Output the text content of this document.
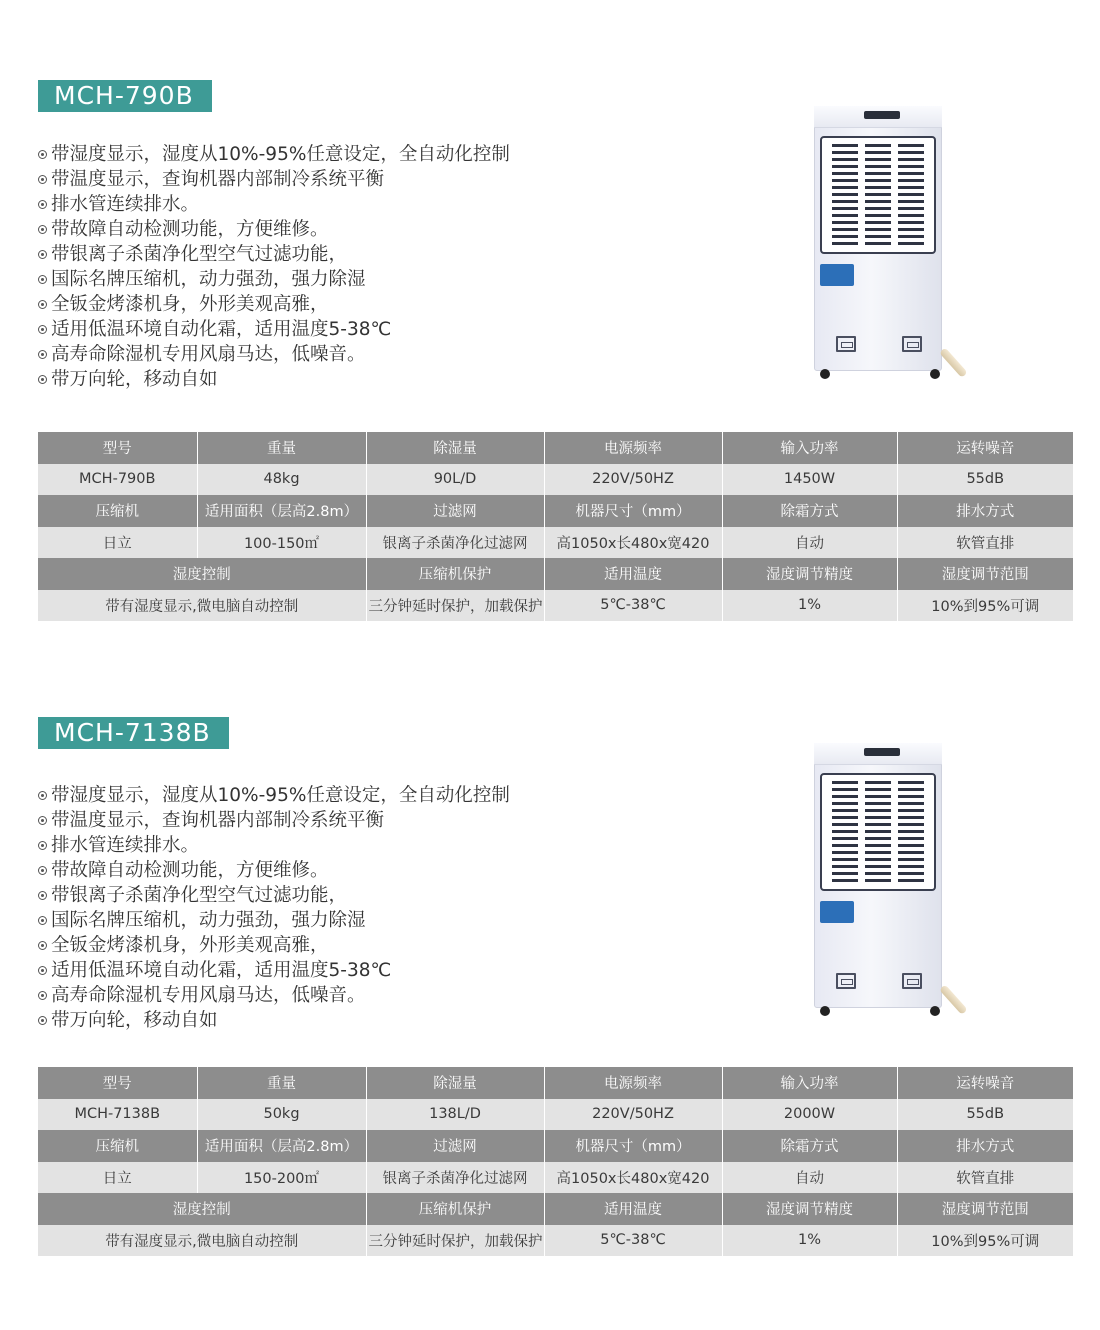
MCH-790B
带湿度显示，湿度从10%-95%任意设定，全自动化控制
带温度显示，查询机器内部制冷系统平衡
排水管连续排水。
带故障自动检测功能，方便维修。
带银离子杀菌净化型空气过滤功能，
国际名牌压缩机，动力强劲，强力除湿
全钣金烤漆机身，外形美观高雅，
适用低温环境自动化霜，适用温度5-38℃
高寿命除湿机专用风扇马达，低噪音。
带万向轮，移动自如
型号	重量	除湿量	电源频率	输入功率	运转噪音
MCH-790B	48kg	90L/D	220V/50HZ	1450W	55dB
压缩机	适用面积（层高2.8m）	过滤网	机器尺寸（mm）	除霜方式	排水方式
日立	100-150㎡	银离子杀菌净化过滤网	高1050x长480x宽420	自动	软管直排
湿度控制		压缩机保护	适用温度	湿度调节精度	湿度调节范围
带有湿度显示,微电脑自动控制		三分钟延时保护，加载保护	5℃-38℃	1%	10%到95%可调
MCH-7138B
带湿度显示，湿度从10%-95%任意设定，全自动化控制
带温度显示，查询机器内部制冷系统平衡
排水管连续排水。
带故障自动检测功能，方便维修。
带银离子杀菌净化型空气过滤功能，
国际名牌压缩机，动力强劲，强力除湿
全钣金烤漆机身，外形美观高雅，
适用低温环境自动化霜，适用温度5-38℃
高寿命除湿机专用风扇马达，低噪音。
带万向轮，移动自如
型号	重量	除湿量	电源频率	输入功率	运转噪音
MCH-7138B	50kg	138L/D	220V/50HZ	2000W	55dB
压缩机	适用面积（层高2.8m）	过滤网	机器尺寸（mm）	除霜方式	排水方式
日立	150-200㎡	银离子杀菌净化过滤网	高1050x长480x宽420	自动	软管直排
湿度控制		压缩机保护	适用温度	湿度调节精度	湿度调节范围
带有湿度显示,微电脑自动控制		三分钟延时保护，加载保护	5℃-38℃	1%	10%到95%可调
